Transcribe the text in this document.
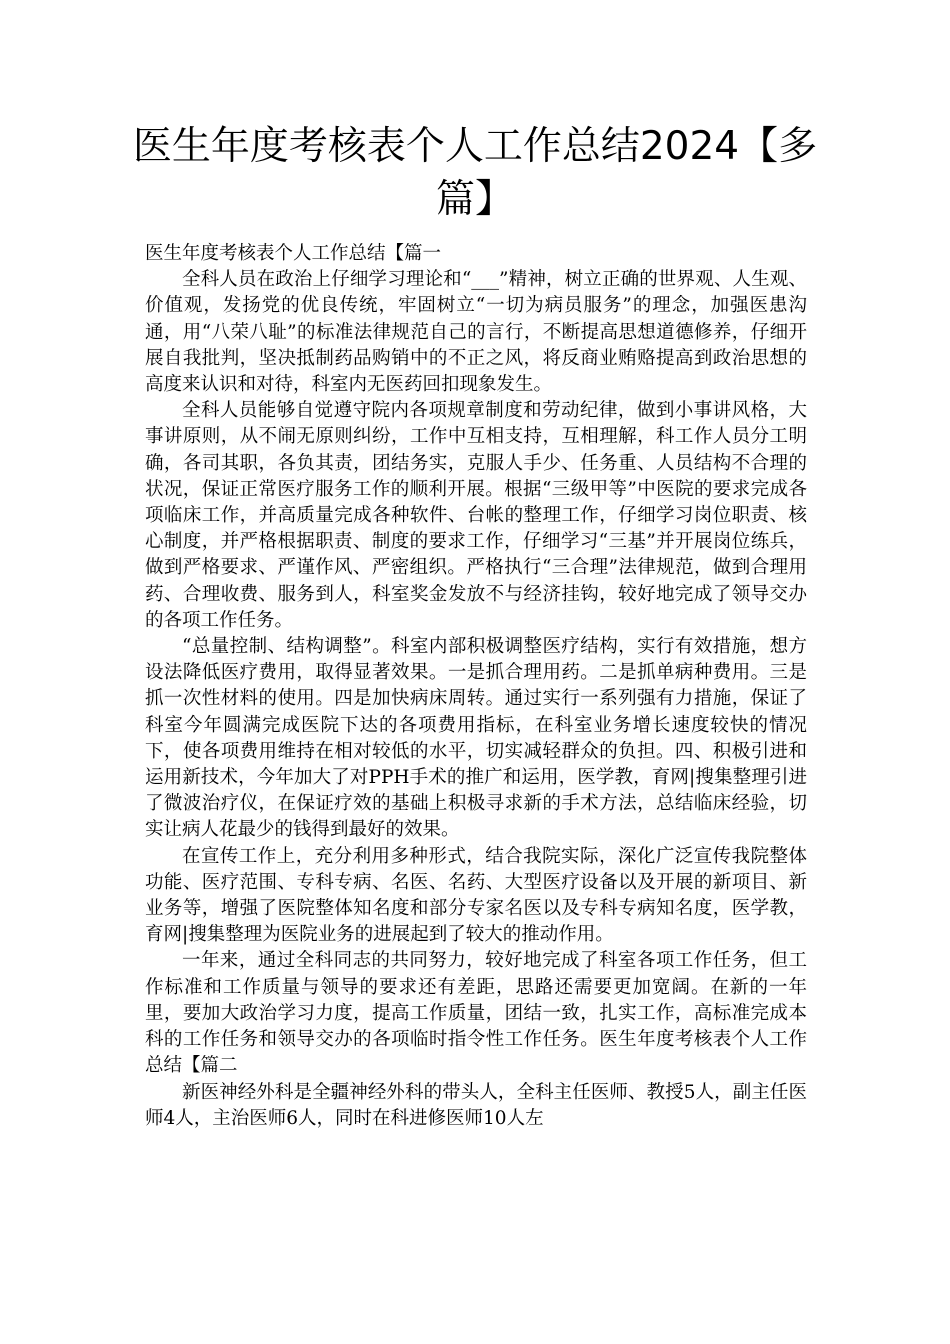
医生年度考核表个人工作总结2024【多篇】

医生年度考核表个人工作总结【篇一

全科人员在政治上仔细学习理论和“___”精神，树立正确的世界观、人生观、价值观，发扬党的优良传统，牢固树立“一切为病员服务”的理念，加强医患沟通，用“八荣八耻”的标准法律规范自己的言行，不断提高思想道德修养，仔细开展自我批判，坚决抵制药品购销中的不正之风，将反商业贿赂提高到政治思想的高度来认识和对待，科室内无医药回扣现象发生。

全科人员能够自觉遵守院内各项规章制度和劳动纪律，做到小事讲风格，大事讲原则，从不闹无原则纠纷，工作中互相支持，互相理解，科工作人员分工明确，各司其职，各负其责，团结务实，克服人手少、任务重、人员结构不合理的状况，保证正常医疗服务工作的顺利开展。根据“三级甲等”中医院的要求完成各项临床工作，并高质量完成各种软件、台帐的整理工作，仔细学习岗位职责、核心制度，并严格根据职责、制度的要求工作，仔细学习“三基”并开展岗位练兵，做到严格要求、严谨作风、严密组织。严格执行“三合理”法律规范，做到合理用药、合理收费、服务到人，科室奖金发放不与经济挂钩，较好地完成了领导交办的各项工作任务。

“总量控制、结构调整”。科室内部积极调整医疗结构，实行有效措施，想方设法降低医疗费用，取得显著效果。一是抓合理用药。二是抓单病种费用。三是抓一次性材料的使用。四是加快病床周转。通过实行一系列强有力措施，保证了科室今年圆满完成医院下达的各项费用指标，在科室业务增长速度较快的情况下，使各项费用维持在相对较低的水平，切实减轻群众的负担。四、积极引进和运用新技术，今年加大了对PPH手术的推广和运用，医学教，育网|搜集整理引进了微波治疗仪，在保证疗效的基础上积极寻求新的手术方法，总结临床经验，切实让病人花最少的钱得到最好的效果。

在宣传工作上，充分利用多种形式，结合我院实际，深化广泛宣传我院整体功能、医疗范围、专科专病、名医、名药、大型医疗设备以及开展的新项目、新业务等，增强了医院整体知名度和部分专家名医以及专科专病知名度，医学教，育网|搜集整理为医院业务的进展起到了较大的推动作用。

一年来，通过全科同志的共同努力，较好地完成了科室各项工作任务，但工作标准和工作质量与领导的要求还有差距，思路还需要更加宽阔。在新的一年里，要加大政治学习力度，提高工作质量，团结一致，扎实工作，高标准完成本科的工作任务和领导交办的各项临时指令性工作任务。医生年度考核表个人工作总结【篇二

新医神经外科是全疆神经外科的带头人，全科主任医师、教授5人，副主任医师4人，主治医师6人，同时在科进修医师10人左
